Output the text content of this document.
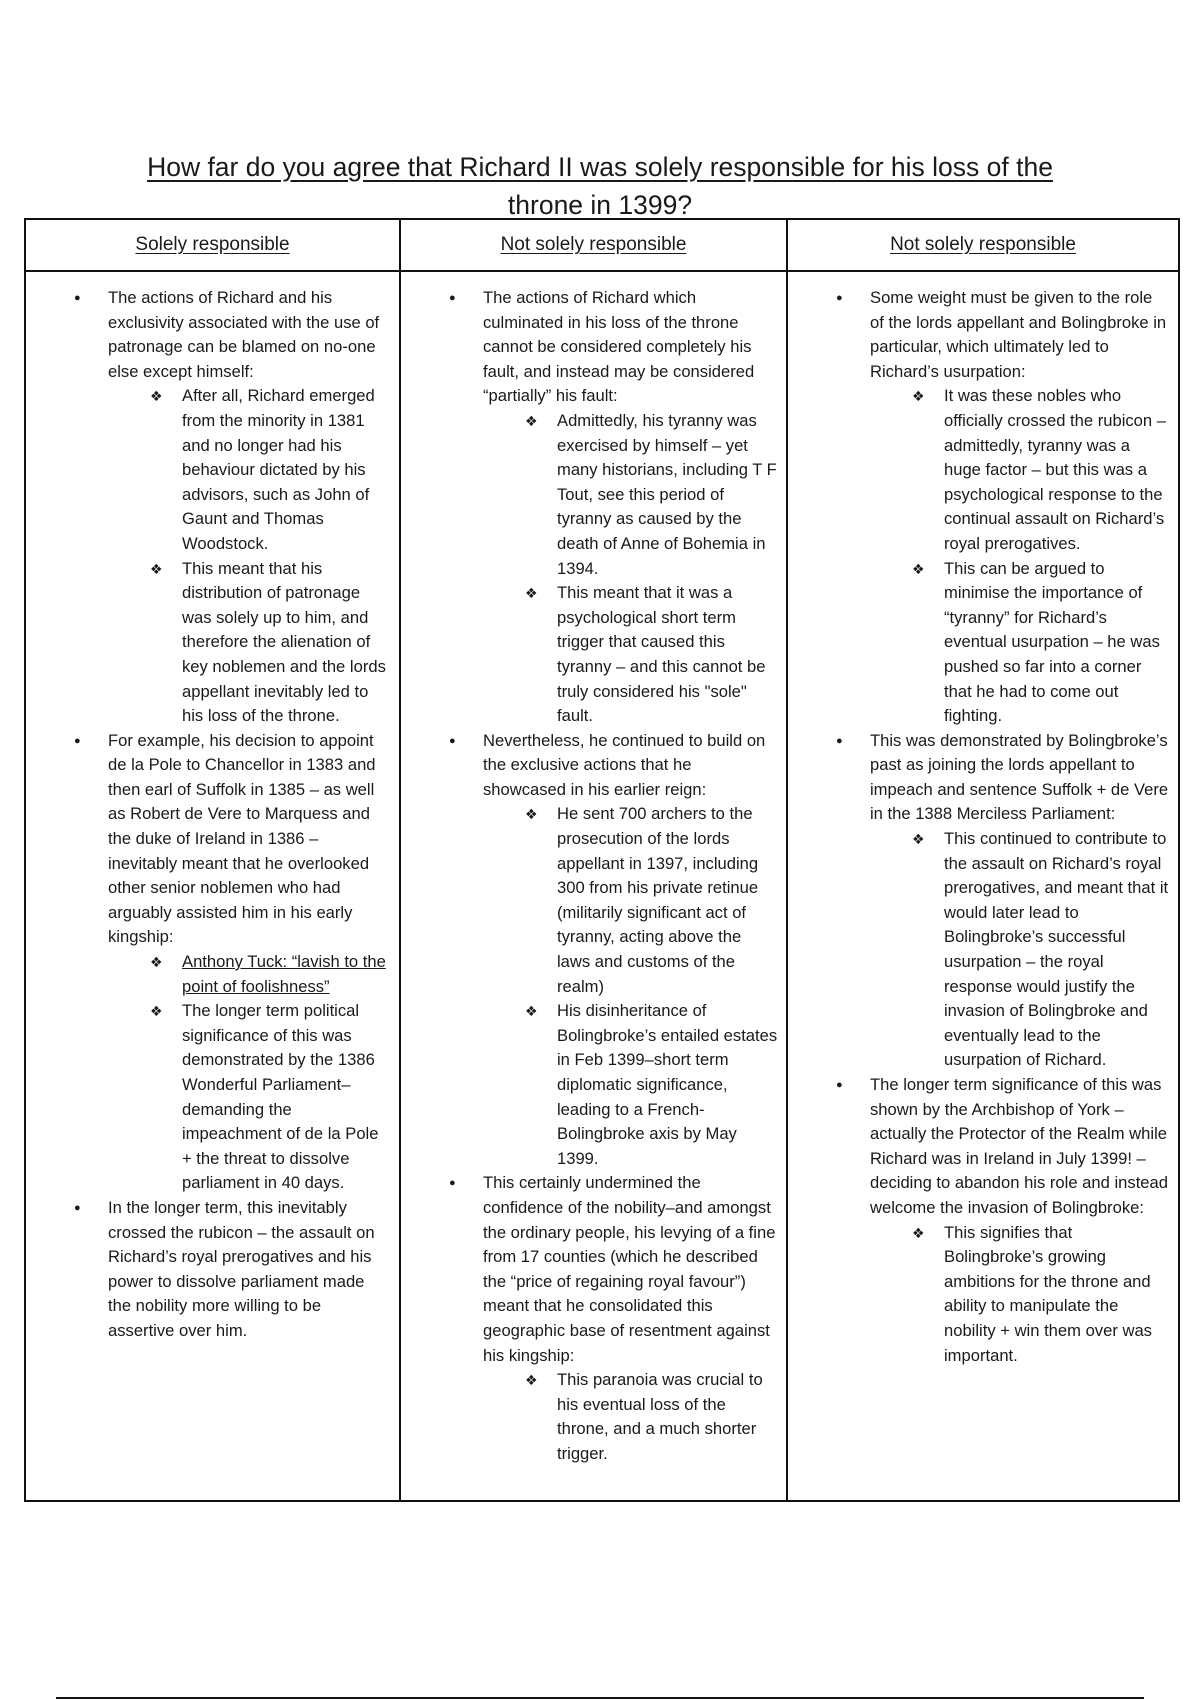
How far do you agree that Richard II was solely responsible for his loss of the throne in 1399?
Solely responsible	Not solely responsible	Not solely responsible
● The actions of Richard and his exclusivity associated with the use of patronage can be blamed on no-one else except himself:
❖ After all, Richard emerged from the minority in 1381 and no longer had his behaviour dictated by his advisors, such as John of Gaunt and Thomas Woodstock.
❖ This meant that his distribution of patronage was solely up to him, and therefore the alienation of key noblemen and the lords appellant inevitably led to his loss of the throne.
● For example, his decision to appoint de la Pole to Chancellor in 1383 and then earl of Suffolk in 1385 – as well as Robert de Vere to Marquess and the duke of Ireland in 1386 – inevitably meant that he overlooked other senior noblemen who had arguably assisted him in his early kingship:
❖ Anthony Tuck: “lavish to the point of foolishness”
❖ The longer term political significance of this was demonstrated by the 1386 Wonderful Parliament–demanding the impeachment of de la Pole + the threat to dissolve parliament in 40 days.
● In the longer term, this inevitably crossed the rubicon – the assault on Richard’s royal prerogatives and his power to dissolve parliament made the nobility more willing to be assertive over him.
● The actions of Richard which culminated in his loss of the throne cannot be considered completely his fault, and instead may be considered “partially” his fault:
❖ Admittedly, his tyranny was exercised by himself – yet many historians, including T F Tout, see this period of tyranny as caused by the death of Anne of Bohemia in 1394.
❖ This meant that it was a psychological short term trigger that caused this tyranny – and this cannot be truly considered his "sole" fault.
● Nevertheless, he continued to build on the exclusive actions that he showcased in his earlier reign:
❖ He sent 700 archers to the prosecution of the lords appellant in 1397, including 300 from his private retinue (militarily significant act of tyranny, acting above the laws and customs of the realm)
❖ His disinheritance of Bolingbroke’s entailed estates in Feb 1399–short term diplomatic significance, leading to a French-Bolingbroke axis by May 1399.
● This certainly undermined the confidence of the nobility–and amongst the ordinary people, his levying of a fine from 17 counties (which he described the “price of regaining royal favour”) meant that he consolidated this geographic base of resentment against his kingship:
❖ This paranoia was crucial to his eventual loss of the throne, and a much shorter trigger.
● Some weight must be given to the role of the lords appellant and Bolingbroke in particular, which ultimately led to Richard’s usurpation:
❖ It was these nobles who officially crossed the rubicon – admittedly, tyranny was a huge factor – but this was a psychological response to the continual assault on Richard’s royal prerogatives.
❖ This can be argued to minimise the importance of “tyranny” for Richard’s eventual usurpation – he was pushed so far into a corner that he had to come out fighting.
● This was demonstrated by Bolingbroke’s past as joining the lords appellant to impeach and sentence Suffolk + de Vere in the 1388 Merciless Parliament:
❖ This continued to contribute to the assault on Richard’s royal prerogatives, and meant that it would later lead to Bolingbroke’s successful usurpation – the royal response would justify the invasion of Bolingbroke and eventually lead to the usurpation of Richard.
● The longer term significance of this was shown by the Archbishop of York – actually the Protector of the Realm while Richard was in Ireland in July 1399! – deciding to abandon his role and instead welcome the invasion of Bolingbroke:
❖ This signifies that Bolingbroke’s growing ambitions for the throne and ability to manipulate the nobility + win them over was important.
